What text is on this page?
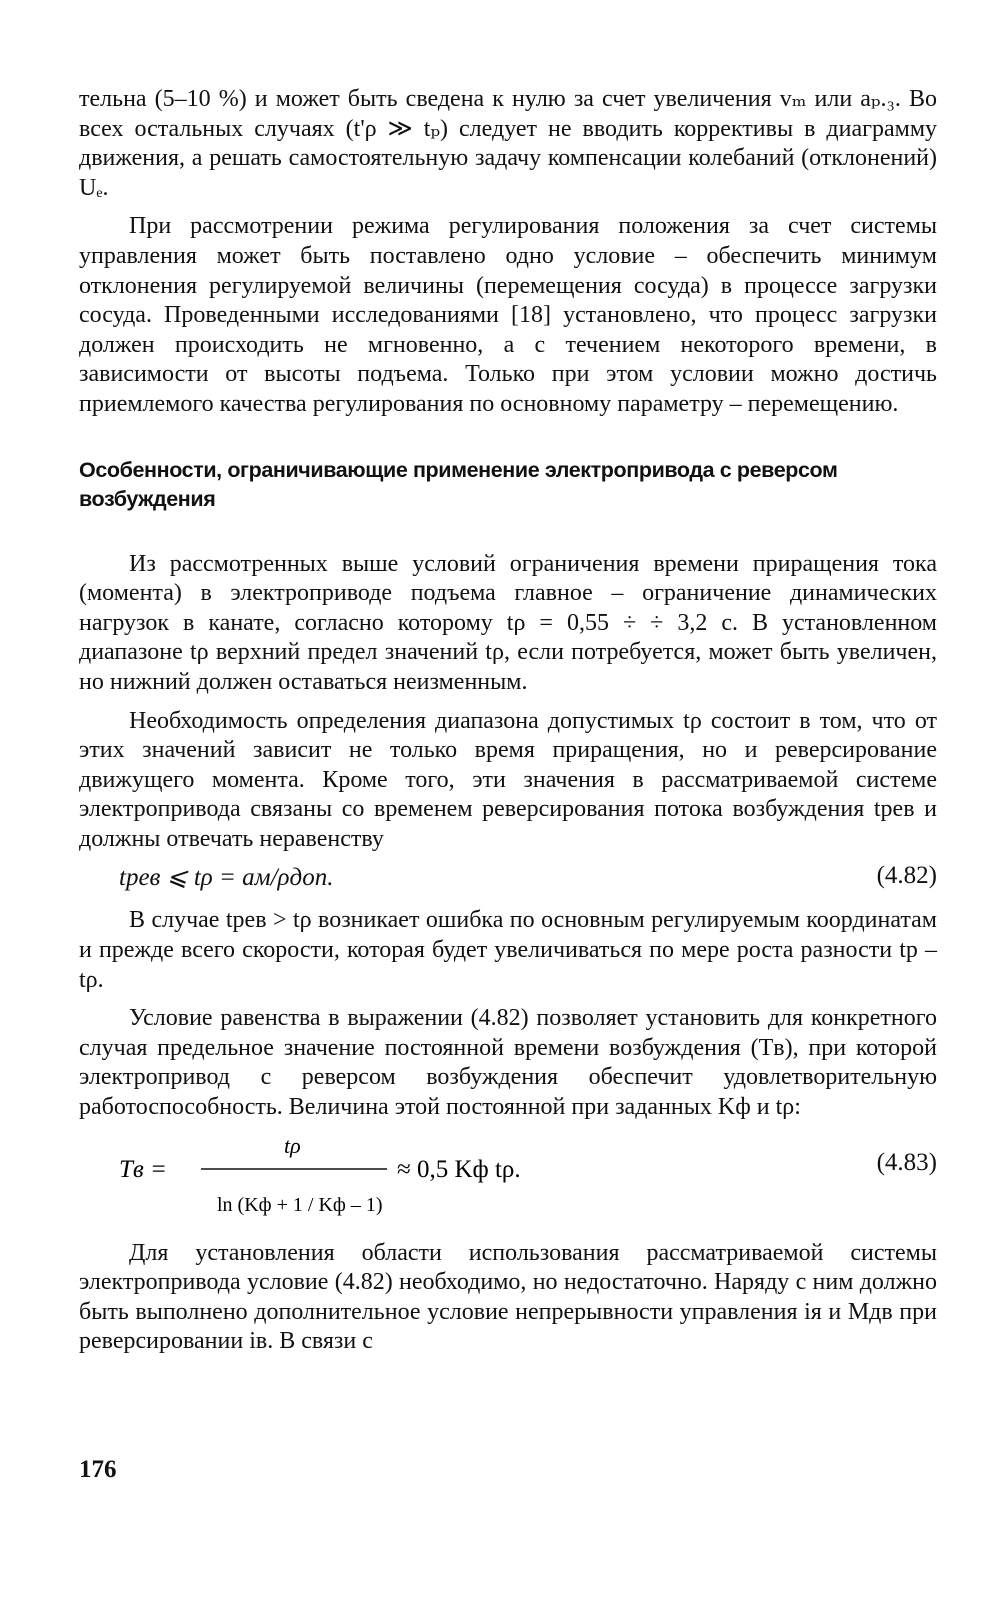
тельна (5–10 %) и может быть сведена к нулю за счет увеличения vₘ или aₚ.₃. Во всех остальных случаях (t'ρ ≫ tₚ) следует не вводить коррективы в диаграмму движения, а решать самостоятельную задачу компенсации колебаний (отклонений) Uₑ.

При рассмотрении режима регулирования положения за счет системы управления может быть поставлено одно условие – обеспечить минимум отклонения регулируемой величины (перемещения сосуда) в процессе загрузки сосуда. Проведенными исследованиями [18] установлено, что процесс загрузки должен происходить не мгновенно, а с течением некоторого времени, в зависимости от высоты подъема. Только при этом условии можно достичь приемлемого качества регулирования по основному параметру – перемещению.

Особенности, ограничивающие применение электропривода с реверсом возбуждения

Из рассмотренных выше условий ограничения времени приращения тока (момента) в электроприводе подъема главное – ограничение динамических нагрузок в канате, согласно которому tρ = 0,55 ÷ ÷ 3,2 с. В установленном диапазоне tρ верхний предел значений tρ, если потребуется, может быть увеличен, но нижний должен оставаться неизменным.

Необходимость определения диапазона допустимых tρ состоит в том, что от этих значений зависит не только время приращения, но и реверсирование движущего момента. Кроме того, эти значения в рассматриваемой системе электропривода связаны со временем реверсирования потока возбуждения tрев и должны отвечать неравенству

tрев ⩽ tρ = aм/ρдоп.	(4.82)

В случае tрев > tρ возникает ошибка по основным регулируемым координатам и прежде всего скорости, которая будет увеличиваться по мере роста разности tр – tρ.

Условие равенства в выражении (4.82) позволяет установить для конкретного случая предельное значение постоянной времени возбуждения (Tв), при которой электропривод с реверсом возбуждения обеспечит удовлетворительную работоспособность. Величина этой постоянной при заданных Kф и tρ:

Tв =
tρ
ln (Kф + 1 / Kф – 1)
≈ 0,5 Kф tρ.	(4.83)

Для установления области использования рассматриваемой системы электропривода условие (4.82) необходимо, но недостаточно. Наряду с ним должно быть выполнено дополнительное условие непрерывности управления iя и Mдв при реверсировании iв. В связи с

176
